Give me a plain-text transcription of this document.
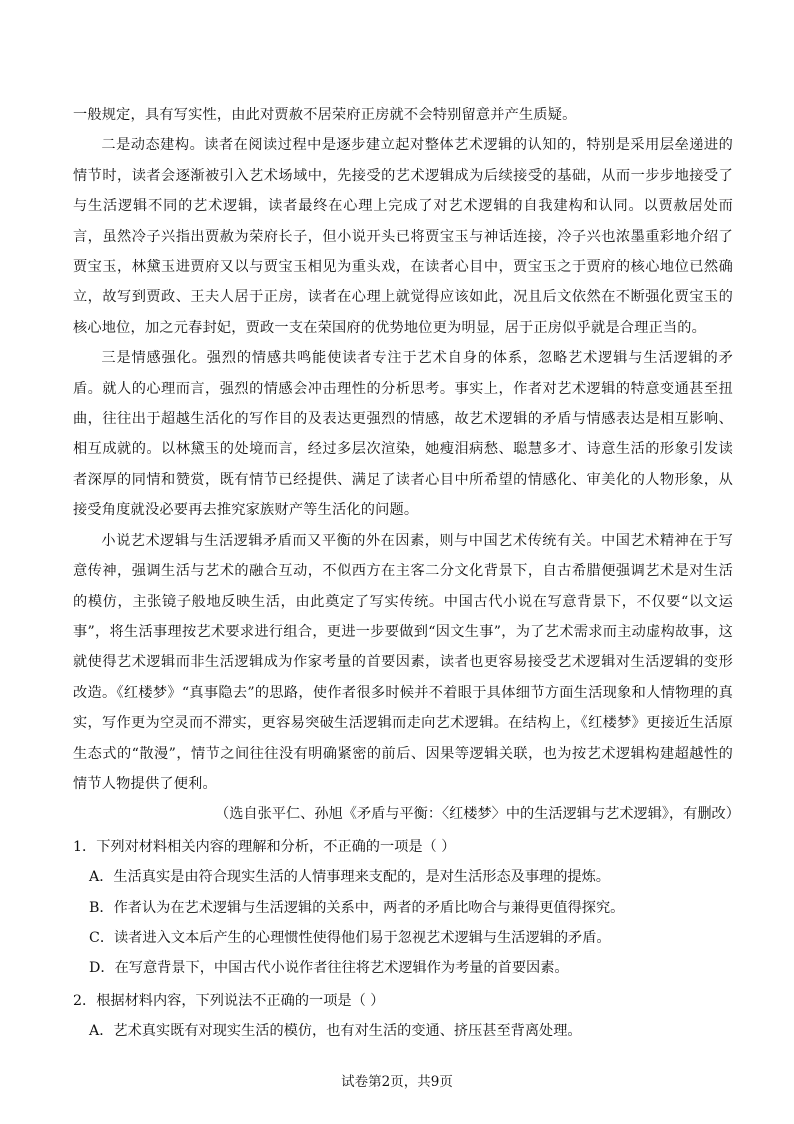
一般规定，具有写实性，由此对贾赦不居荣府正房就不会特别留意并产生质疑。

二是动态建构。读者在阅读过程中是逐步建立起对整体艺术逻辑的认知的，特别是采用层垒递进的情节时，读者会逐渐被引入艺术场域中，先接受的艺术逻辑成为后续接受的基础，从而一步步地接受了与生活逻辑不同的艺术逻辑，读者最终在心理上完成了对艺术逻辑的自我建构和认同。以贾赦居处而言，虽然冷子兴指出贾赦为荣府长子，但小说开头已将贾宝玉与神话连接，冷子兴也浓墨重彩地介绍了贾宝玉，林黛玉进贾府又以与贾宝玉相见为重头戏，在读者心目中，贾宝玉之于贾府的核心地位已然确立，故写到贾政、王夫人居于正房，读者在心理上就觉得应该如此，况且后文依然在不断强化贾宝玉的核心地位，加之元春封妃，贾政一支在荣国府的优势地位更为明显，居于正房似乎就是合理正当的。

三是情感强化。强烈的情感共鸣能使读者专注于艺术自身的体系，忽略艺术逻辑与生活逻辑的矛盾。就人的心理而言，强烈的情感会冲击理性的分析思考。事实上，作者对艺术逻辑的特意变通甚至扭曲，往往出于超越生活化的写作目的及表达更强烈的情感，故艺术逻辑的矛盾与情感表达是相互影响、相互成就的。以林黛玉的处境而言，经过多层次渲染，她瘦泪病愁、聪慧多才、诗意生活的形象引发读者深厚的同情和赞赏，既有情节已经提供、满足了读者心目中所希望的情感化、审美化的人物形象，从接受角度就没必要再去推究家族财产等生活化的问题。

小说艺术逻辑与生活逻辑矛盾而又平衡的外在因素，则与中国艺术传统有关。中国艺术精神在于写意传神，强调生活与艺术的融合互动，不似西方在主客二分文化背景下，自古希腊便强调艺术是对生活的模仿，主张镜子般地反映生活，由此奠定了写实传统。中国古代小说在写意背景下，不仅要“以文运事”，将生活事理按艺术要求进行组合，更进一步要做到“因文生事”，为了艺术需求而主动虚构故事，这就使得艺术逻辑而非生活逻辑成为作家考量的首要因素，读者也更容易接受艺术逻辑对生活逻辑的变形改造。《红楼梦》“真事隐去”的思路，使作者很多时候并不着眼于具体细节方面生活现象和人情物理的真实，写作更为空灵而不滞实，更容易突破生活逻辑而走向艺术逻辑。在结构上，《红楼梦》更接近生活原生态式的“散漫”，情节之间往往没有明确紧密的前后、因果等逻辑关联，也为按艺术逻辑构建超越性的情节人物提供了便利。

（选自张平仁、孙旭《矛盾与平衡：〈红楼梦〉中的生活逻辑与艺术逻辑》，有删改）

1．下列对材料相关内容的理解和分析，不正确的一项是（ ）

A．生活真实是由符合现实生活的人情事理来支配的，是对生活形态及事理的提炼。

B．作者认为在艺术逻辑与生活逻辑的关系中，两者的矛盾比吻合与兼得更值得探究。

C．读者进入文本后产生的心理惯性使得他们易于忽视艺术逻辑与生活逻辑的矛盾。

D．在写意背景下，中国古代小说作者往往将艺术逻辑作为考量的首要因素。

2．根据材料内容，下列说法不正确的一项是（ ）

A．艺术真实既有对现实生活的模仿，也有对生活的变通、挤压甚至背离处理。

试卷第2页，共9页
